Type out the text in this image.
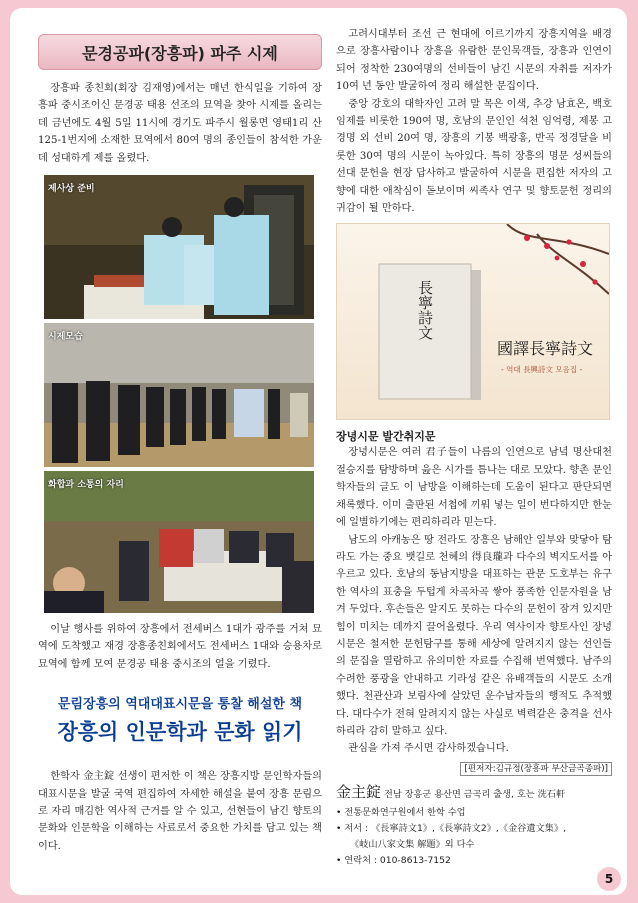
문경공파(장흥파) 파주 시제

장흥파 종친회(회장 김재영)에서는 매년 한식일을 기하여 장흥파 중시조이신 문경공 태용 선조의 묘역을 찾아 시제를 올리는데 금년에도 4월 5일 11시에 경기도 파주시 월롱면 영태1리 산 125-1번지에 소재한 묘역에서 80여 명의 종인들이 참석한 가운데 성대하게 제를 올렸다.

제사상 준비
시제모습
화합과 소통의 자리

이날 행사를 위하여 장흥에서 전세버스 1대가 광주를 거쳐 묘역에 도착했고 재경 장흥종친회에서도 전세버스 1대와 승용차로 묘역에 함께 모여 문경공 태용 중시조의 얼을 기렸다.

문림장흥의 역대대표시문을 통찰 해설한 책

장흥의 인문학과 문화 읽기

한학자 金主錠 선생이 편저한 이 책은 장흥지방 문인학자들의 대표시문을 발굴 국역 편집하여 자세한 해설을 붙여 장흥 문림으로 자리 매김한 역사적 근거를 알 수 있고, 선현들이 남긴 향토의 문화와 인문학을 이해하는 사료로서 중요한 가치를 담고 있는 책이다.

고려시대부터 조선 근 현대에 이르기까지 장흥지역을 배경으로 장흥사람이나 장흥을 유람한 문인묵객들, 장흥과 인연이 되어 정착한 230여명의 선비들이 남긴 시문의 자취를 저자가 10여 년 동안 발굴하여 정리 해설한 문집이다.

중앙 강호의 대학자인 고려 말 목은 이색, 추강 남효온, 백호 임제를 비롯한 190여 명, 호남의 문인인 석천 임억령, 제봉 고경명 외 선비 20여 명, 장흥의 기봉 백광홍, 반곡 정경달을 비롯한 30여 명의 시문이 녹아있다. 특히 장흥의 명문 성씨들의 선대 문헌을 현장 답사하고 발굴하여 시문을 편집한 저자의 고향에 대한 애착심이 돋보이며 씨족사 연구 및 향토문헌 정리의 귀감이 될 만하다.

長寧詩文
國譯長寧詩文
- 역대 長興詩文 모음집 -

장녕시문 발간취지문

장녕시문은 여러 君子들이 나름의 인연으로 남녘 명산대천 절승지를 탐방하며 읊은 시가를 틈나는 대로 모았다. 향촌 문인학자들의 글도 이 남방을 이해하는데 도움이 된다고 판단되면 채록했다. 이미 출판된 서첩에 끼워 넣는 일이 번다하지만 한눈에 일별하기에는 편리하리라 믿는다.

남도의 아캐농은 땅 전라도 장흥은 남해안 일부와 맞닿아 탐라도 가는 중요 뱃길로 천혜의 得良瓏과 다수의 벽지도서를 아우르고 있다. 호남의 동남지방을 대표하는 관문 도호부는 유구한 역사의 표충을 두텁게 차곡차곡 쌓아 풍족한 인문자원을 남겨 두었다. 후손들은 알지도 못하는 다수의 문헌이 잠겨 있지만 힘이 미치는 데까지 끌어올렸다. 우리 역사이자 향토사인 장녕시문은 철저한 문헌탐구를 통해 세상에 알려지지 않는 선인들의 문집을 열람하고 유의미한 자료를 수집해 번역했다. 남주의 수려한 풍광을 안내하고 기라성 같은 유배객들의 시문도 소개했다. 천관산과 보림사에 살았던 운수납자들의 행적도 추적했다. 대다수가 전혀 알려지지 않는 사실로 벽력같은 충격을 선사하리라 감히 말하고 싶다.

관심을 가져 주시면 감사하겠습니다.

[편저자:김규정(장흥파 부산금곡종파)]
金主錠 전남 장흥군 용산면 금곡리 출생, 호는 洗石軒
• 전통문화연구원에서 한학 수업
• 저서 : 《長寧詩文1》,《長寧詩文2》,《金谷遺文集》,
《岐山八家文集 解題》외 다수
• 연락처 : 010-8613-7152
5
